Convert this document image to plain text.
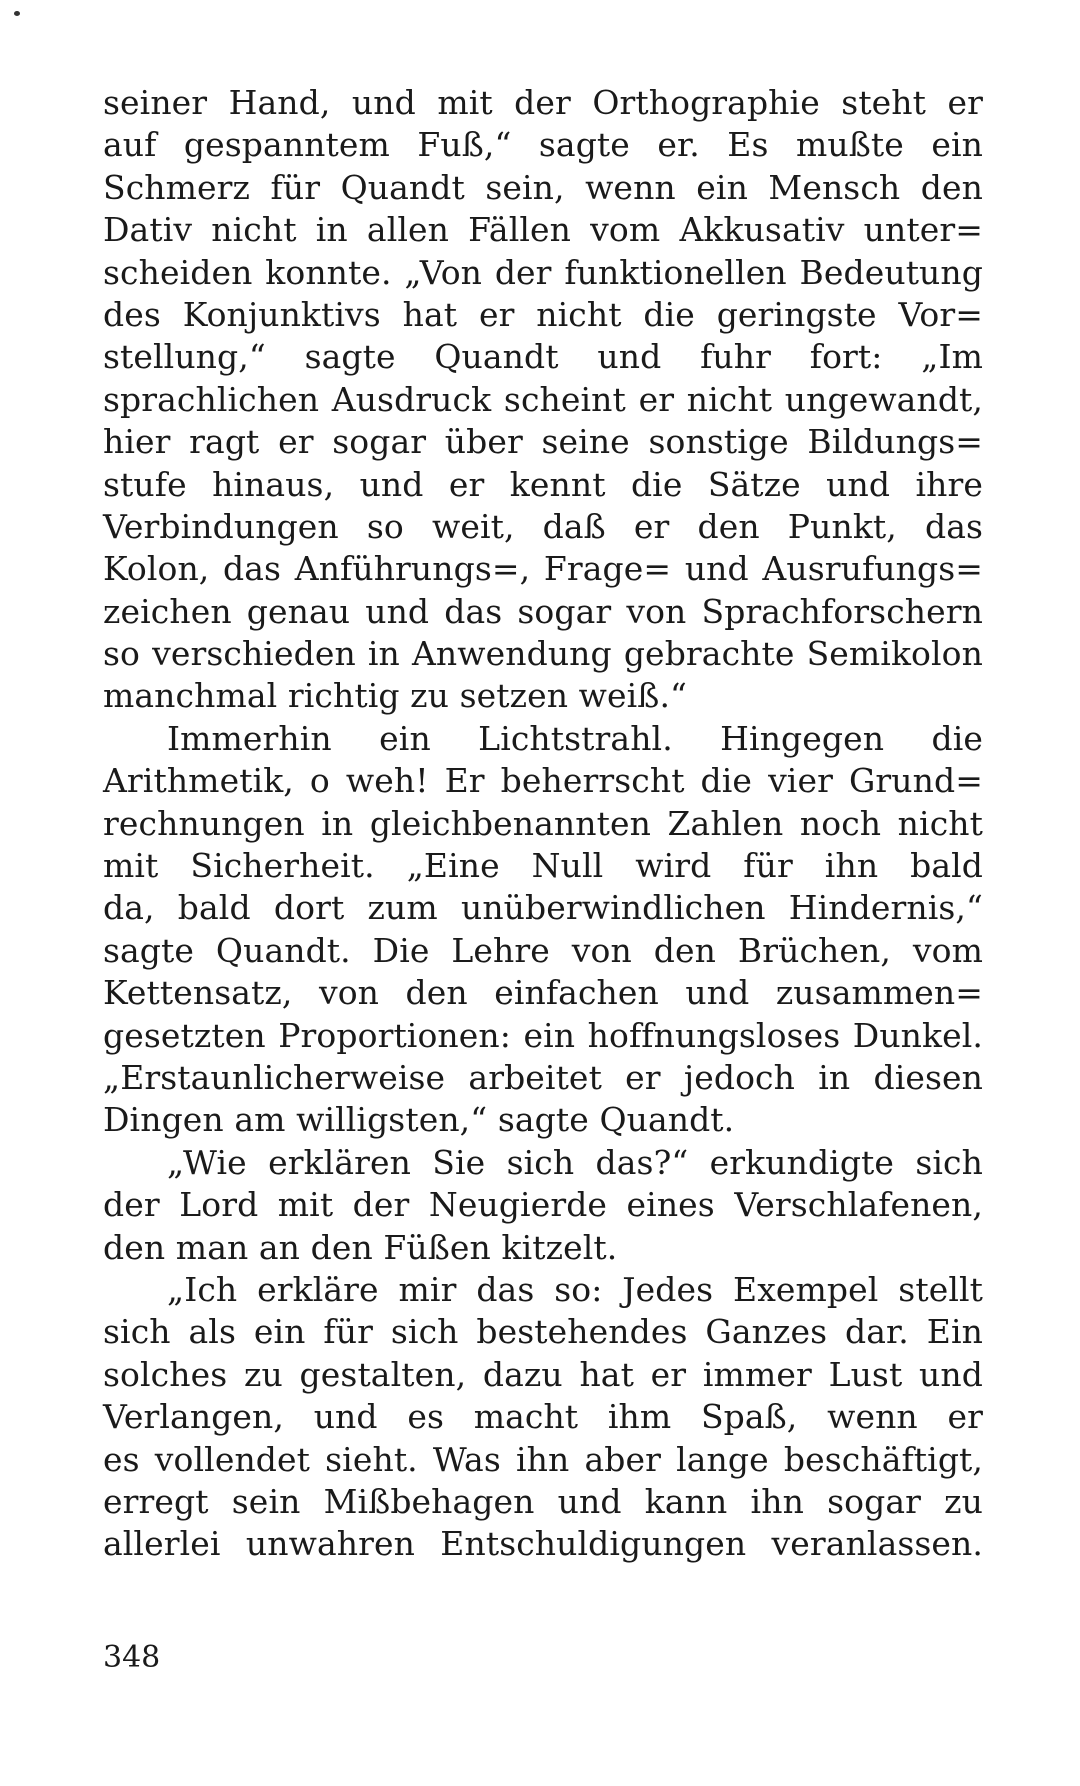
seiner Hand, und mit der Orthographie steht er
auf gespanntem Fuß,“ sagte er. Es mußte ein
Schmerz für Quandt sein, wenn ein Mensch den
Dativ nicht in allen Fällen vom Akkusativ unter=
scheiden konnte. „Von der funktionellen Bedeutung
des Konjunktivs hat er nicht die geringste Vor=
stellung,“ sagte Quandt und fuhr fort: „Im
sprachlichen Ausdruck scheint er nicht ungewandt,
hier ragt er sogar über seine sonstige Bildungs=
stufe hinaus, und er kennt die Sätze und ihre
Verbindungen so weit, daß er den Punkt, das
Kolon, das Anführungs=, Frage= und Ausrufungs=
zeichen genau und das sogar von Sprachforschern
so verschieden in Anwendung gebrachte Semikolon
manchmal richtig zu setzen weiß.“
Immerhin ein Lichtstrahl. Hingegen die
Arithmetik, o weh! Er beherrscht die vier Grund=
rechnungen in gleichbenannten Zahlen noch nicht
mit Sicherheit. „Eine Null wird für ihn bald
da, bald dort zum unüberwindlichen Hindernis,“
sagte Quandt. Die Lehre von den Brüchen, vom
Kettensatz, von den einfachen und zusammen=
gesetzten Proportionen: ein hoffnungsloses Dunkel.
„Erstaunlicherweise arbeitet er jedoch in diesen
Dingen am willigsten,“ sagte Quandt.
„Wie erklären Sie sich das?“ erkundigte sich
der Lord mit der Neugierde eines Verschlafenen,
den man an den Füßen kitzelt.
„Ich erkläre mir das so: Jedes Exempel stellt
sich als ein für sich bestehendes Ganzes dar. Ein
solches zu gestalten, dazu hat er immer Lust und
Verlangen, und es macht ihm Spaß, wenn er
es vollendet sieht. Was ihn aber lange beschäftigt,
erregt sein Mißbehagen und kann ihn sogar zu
allerlei unwahren Entschuldigungen veranlassen.
348
